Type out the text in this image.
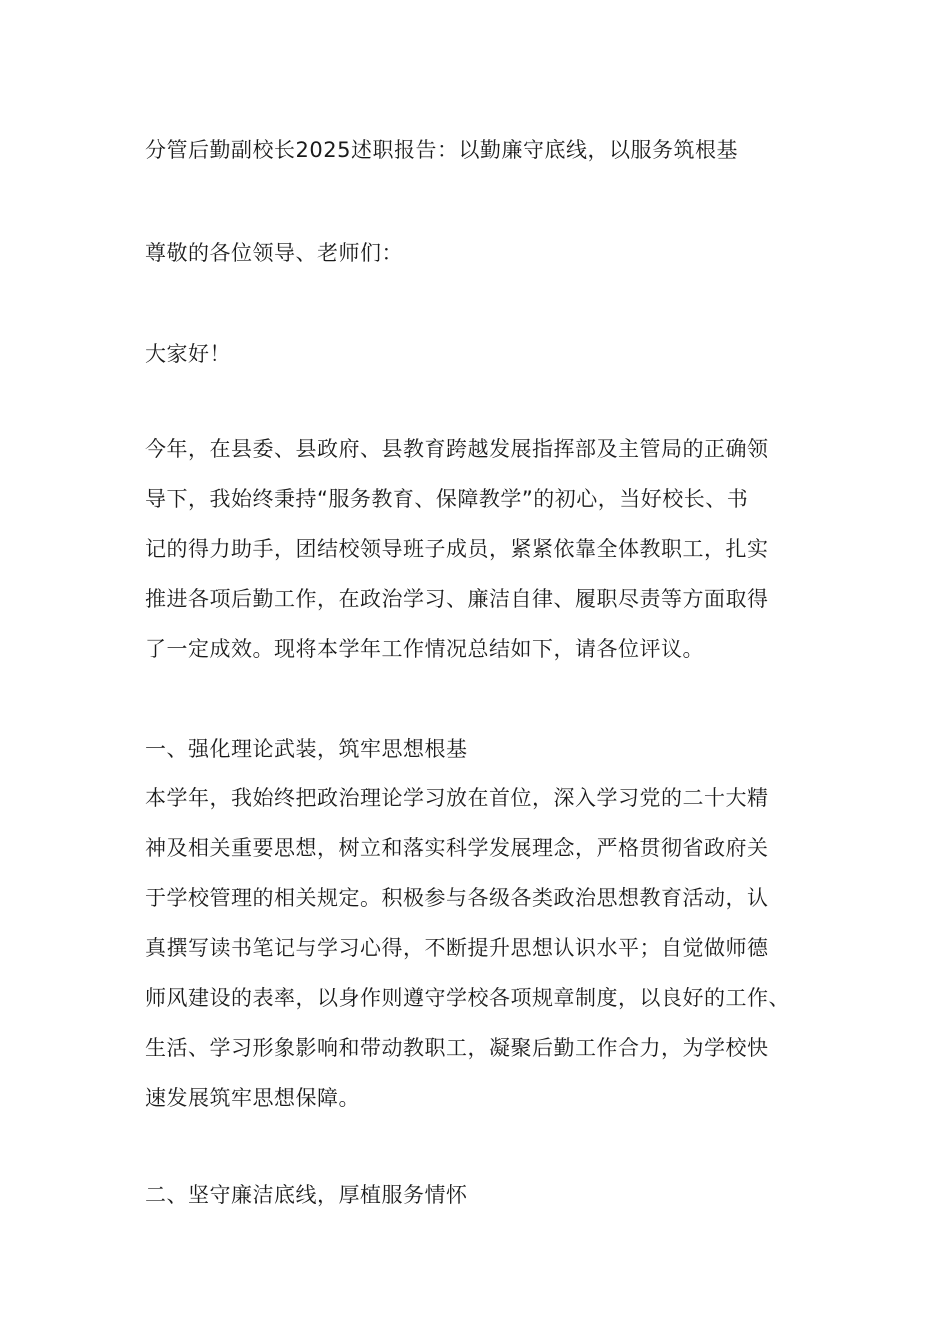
分管后勤副校长2025述职报告：以勤廉守底线，以服务筑根基
尊敬的各位领导、老师们：
大家好！
今年，在县委、县政府、县教育跨越发展指挥部及主管局的正确领
导下，我始终秉持“服务教育、保障教学”的初心，当好校长、书
记的得力助手，团结校领导班子成员，紧紧依靠全体教职工，扎实
推进各项后勤工作，在政治学习、廉洁自律、履职尽责等方面取得
了一定成效。现将本学年工作情况总结如下，请各位评议。
一、强化理论武装，筑牢思想根基
本学年，我始终把政治理论学习放在首位，深入学习党的二十大精
神及相关重要思想，树立和落实科学发展理念，严格贯彻省政府关
于学校管理的相关规定。积极参与各级各类政治思想教育活动，认
真撰写读书笔记与学习心得，不断提升思想认识水平；自觉做师德
师风建设的表率，以身作则遵守学校各项规章制度，以良好的工作、
生活、学习形象影响和带动教职工，凝聚后勤工作合力，为学校快
速发展筑牢思想保障。
二、坚守廉洁底线，厚植服务情怀
